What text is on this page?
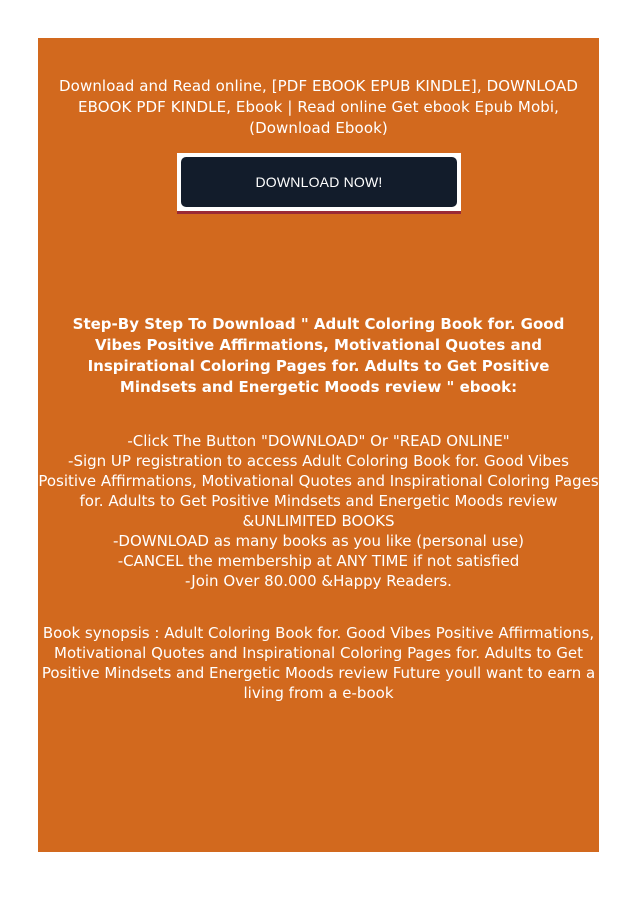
Download and Read online, [PDF EBOOK EPUB KINDLE], DOWNLOAD EBOOK PDF KINDLE, Ebook | Read online Get ebook Epub Mobi, (Download Ebook)
DOWNLOAD NOW!
Step-By Step To Download " Adult Coloring Book for. Good Vibes Positive Affirmations, Motivational Quotes and Inspirational Coloring Pages for. Adults to Get Positive Mindsets and Energetic Moods review " ebook:
-Click The Button "DOWNLOAD" Or "READ ONLINE"
-Sign UP registration to access Adult Coloring Book for. Good Vibes Positive Affirmations, Motivational Quotes and Inspirational Coloring Pages for. Adults to Get Positive Mindsets and Energetic Moods review &UNLIMITED BOOKS
-DOWNLOAD as many books as you like (personal use)
-CANCEL the membership at ANY TIME if not satisfied
-Join Over 80.000 &Happy Readers.
Book synopsis : Adult Coloring Book for. Good Vibes Positive Affirmations, Motivational Quotes and Inspirational Coloring Pages for. Adults to Get Positive Mindsets and Energetic Moods review Future youll want to earn a living from a e-book
